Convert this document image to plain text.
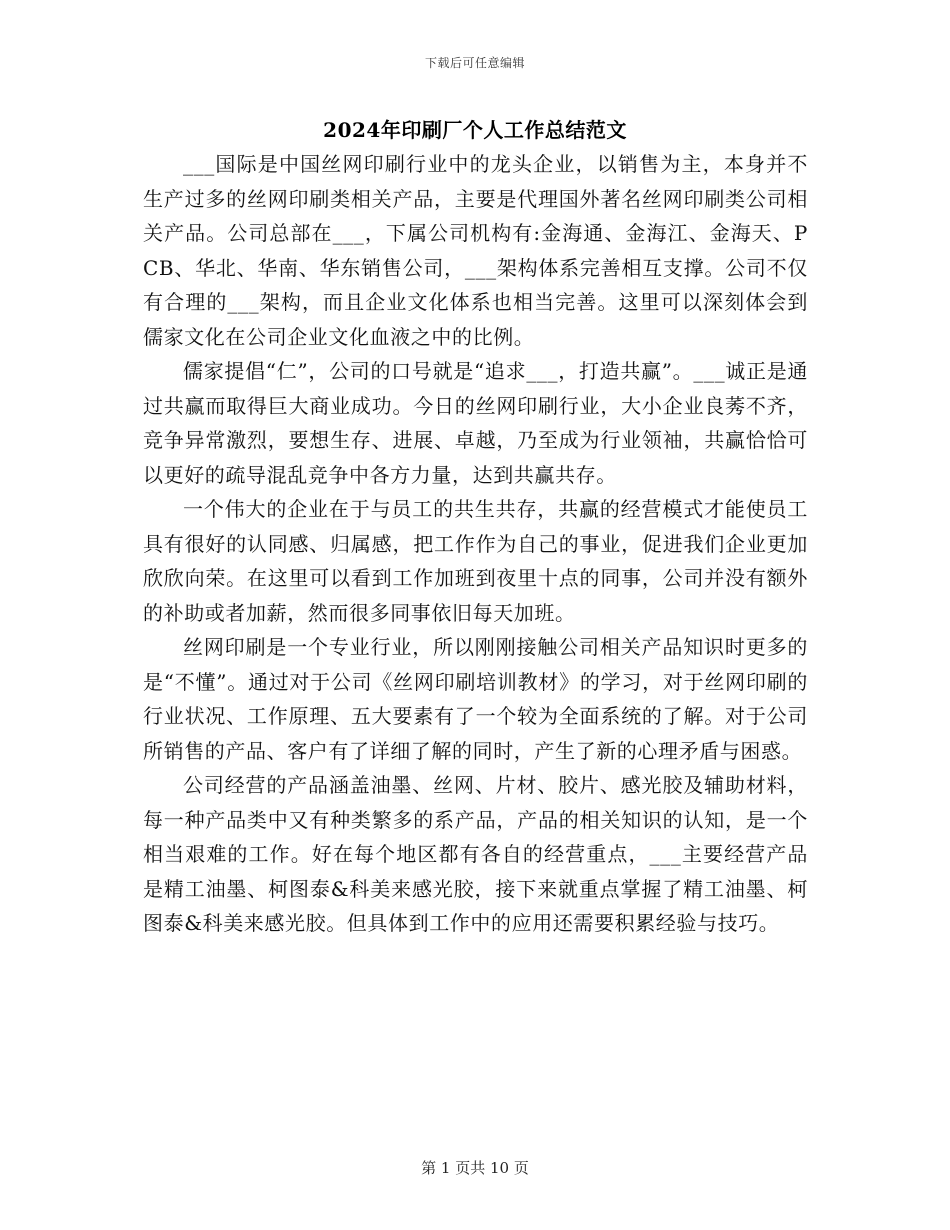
下载后可任意编辑
2024年印刷厂个人工作总结范文

___国际是中国丝网印刷行业中的龙头企业，以销售为主，本身并不生产过多的丝网印刷类相关产品，主要是代理国外著名丝网印刷类公司相关产品。公司总部在___，下属公司机构有:金海通、金海江、金海天、PCB、华北、华南、华东销售公司，___架构体系完善相互支撑。公司不仅有合理的___架构，而且企业文化体系也相当完善。这里可以深刻体会到儒家文化在公司企业文化血液之中的比例。

儒家提倡“仁”，公司的口号就是“追求___，打造共赢”。___诚正是通过共赢而取得巨大商业成功。今日的丝网印刷行业，大小企业良莠不齐，竞争异常激烈，要想生存、进展、卓越，乃至成为行业领袖，共赢恰恰可以更好的疏导混乱竞争中各方力量，达到共赢共存。

一个伟大的企业在于与员工的共生共存，共赢的经营模式才能使员工具有很好的认同感、归属感，把工作作为自己的事业，促进我们企业更加欣欣向荣。在这里可以看到工作加班到夜里十点的同事，公司并没有额外的补助或者加薪，然而很多同事依旧每天加班。

丝网印刷是一个专业行业，所以刚刚接触公司相关产品知识时更多的是“不懂”。通过对于公司《丝网印刷培训教材》的学习，对于丝网印刷的行业状况、工作原理、五大要素有了一个较为全面系统的了解。对于公司所销售的产品、客户有了详细了解的同时，产生了新的心理矛盾与困惑。

公司经营的产品涵盖油墨、丝网、片材、胶片、感光胶及辅助材料，每一种产品类中又有种类繁多的系产品，产品的相关知识的认知，是一个相当艰难的工作。好在每个地区都有各自的经营重点，___主要经营产品是精工油墨、柯图泰&科美来感光胶，接下来就重点掌握了精工油墨、柯图泰&科美来感光胶。但具体到工作中的应用还需要积累经验与技巧。

第 1 页共 10 页
